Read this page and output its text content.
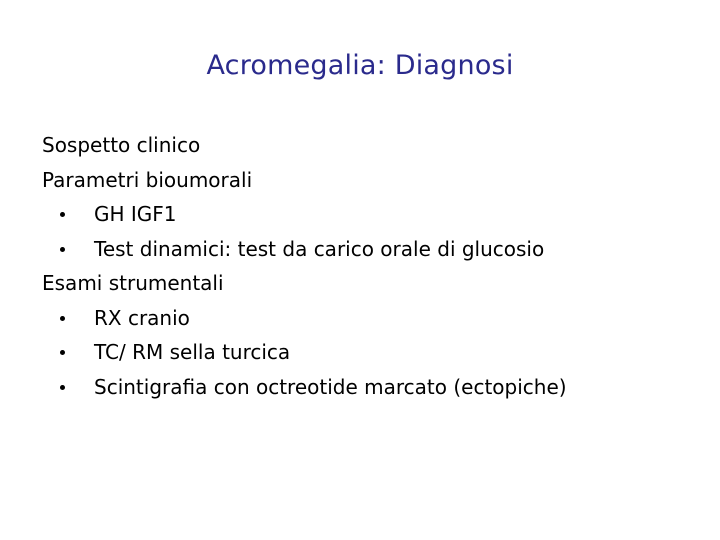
Acromegalia: Diagnosi
Sospetto clinico
Parametri bioumorali
GH IGF1
Test dinamici: test da carico orale di glucosio
Esami strumentali
RX cranio
TC/ RM sella turcica
Scintigrafia con octreotide marcato (ectopiche)
